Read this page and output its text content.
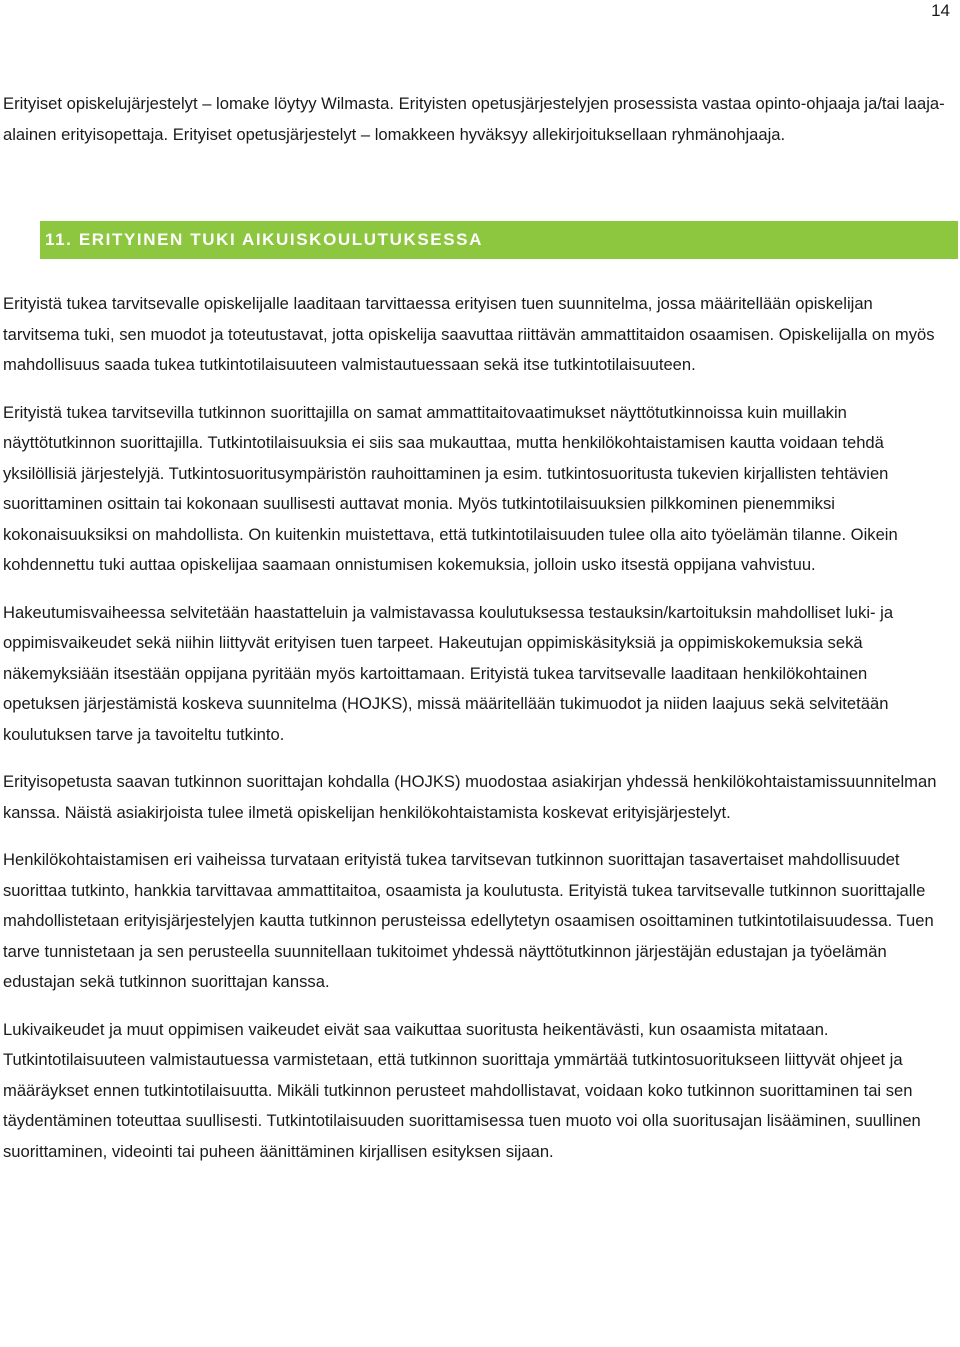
14

Erityiset opiskelujärjestelyt – lomake löytyy Wilmasta. Erityisten opetusjärjestelyjen prosessista vastaa opinto-ohjaaja ja/tai laaja-alainen erityisopettaja. Erityiset opetusjärjestelyt – lomakkeen hyväksyy allekirjoituksellaan ryhmänohjaaja.

11. ERITYINEN TUKI AIKUISKOULUTUKSESSA

Erityistä tukea tarvitsevalle opiskelijalle laaditaan tarvittaessa erityisen tuen suunnitelma, jossa määritellään opiskelijan tarvitsema tuki, sen muodot ja toteutustavat, jotta opiskelija saavuttaa riittävän ammattitaidon osaamisen. Opiskelijalla on myös mahdollisuus saada tukea tutkintotilaisuuteen valmistautuessaan sekä itse tutkintotilaisuuteen.

Erityistä tukea tarvitsevilla tutkinnon suorittajilla on samat ammattitaitovaatimukset näyttötutkinnoissa kuin muillakin näyttötutkinnon suorittajilla. Tutkintotilaisuuksia ei siis saa mukauttaa, mutta henkilökohtaistamisen kautta voidaan tehdä yksilöllisiä järjestelyjä. Tutkintosuoritusympäristön rauhoittaminen ja esim. tutkintosuoritusta tukevien kirjallisten tehtävien suorittaminen osittain tai kokonaan suullisesti auttavat monia. Myös tutkintotilaisuuksien pilkkominen pienemmiksi kokonaisuuksiksi on mahdollista. On kuitenkin muistettava, että tutkintotilaisuuden tulee olla aito työelämän tilanne. Oikein kohdennettu tuki auttaa opiskelijaa saamaan onnistumisen kokemuksia, jolloin usko itsestä oppijana vahvistuu.

Hakeutumisvaiheessa selvitetään haastatteluin ja valmistavassa koulutuksessa testauksin/kartoituksin mahdolliset luki- ja oppimisvaikeudet sekä niihin liittyvät erityisen tuen tarpeet. Hakeutujan oppimiskäsityksiä ja oppimiskokemuksia sekä näkemyksiään itsestään oppijana pyritään myös kartoittamaan. Erityistä tukea tarvitsevalle laaditaan henkilökohtainen opetuksen järjestämistä koskeva suunnitelma (HOJKS), missä määritellään tukimuodot ja niiden laajuus sekä selvitetään koulutuksen tarve ja tavoiteltu tutkinto.

Erityisopetusta saavan tutkinnon suorittajan kohdalla (HOJKS) muodostaa asiakirjan yhdessä henkilökohtaistamissuunnitelman kanssa. Näistä asiakirjoista tulee ilmetä opiskelijan henkilökohtaistamista koskevat erityisjärjestelyt.

Henkilökohtaistamisen eri vaiheissa turvataan erityistä tukea tarvitsevan tutkinnon suorittajan tasavertaiset mahdollisuudet suorittaa tutkinto, hankkia tarvittavaa ammattitaitoa, osaamista ja koulutusta. Erityistä tukea tarvitsevalle tutkinnon suorittajalle mahdollistetaan erityisjärjestelyjen kautta tutkinnon perusteissa edellytetyn osaamisen osoittaminen tutkintotilaisuudessa. Tuen tarve tunnistetaan ja sen perusteella suunnitellaan tukitoimet yhdessä näyttötutkinnon järjestäjän edustajan ja työelämän edustajan sekä tutkinnon suorittajan kanssa.

Lukivaikeudet ja muut oppimisen vaikeudet eivät saa vaikuttaa suoritusta heikentävästi, kun osaamista mitataan. Tutkintotilaisuuteen valmistautuessa varmistetaan, että tutkinnon suorittaja ymmärtää tutkintosuoritukseen liittyvät ohjeet ja määräykset ennen tutkintotilaisuutta. Mikäli tutkinnon perusteet mahdollistavat, voidaan koko tutkinnon suorittaminen tai sen täydentäminen toteuttaa suullisesti. Tutkintotilaisuuden suorittamisessa tuen muoto voi olla suoritusajan lisääminen, suullinen suorittaminen, videointi tai puheen äänittäminen kirjallisen esityksen sijaan.
